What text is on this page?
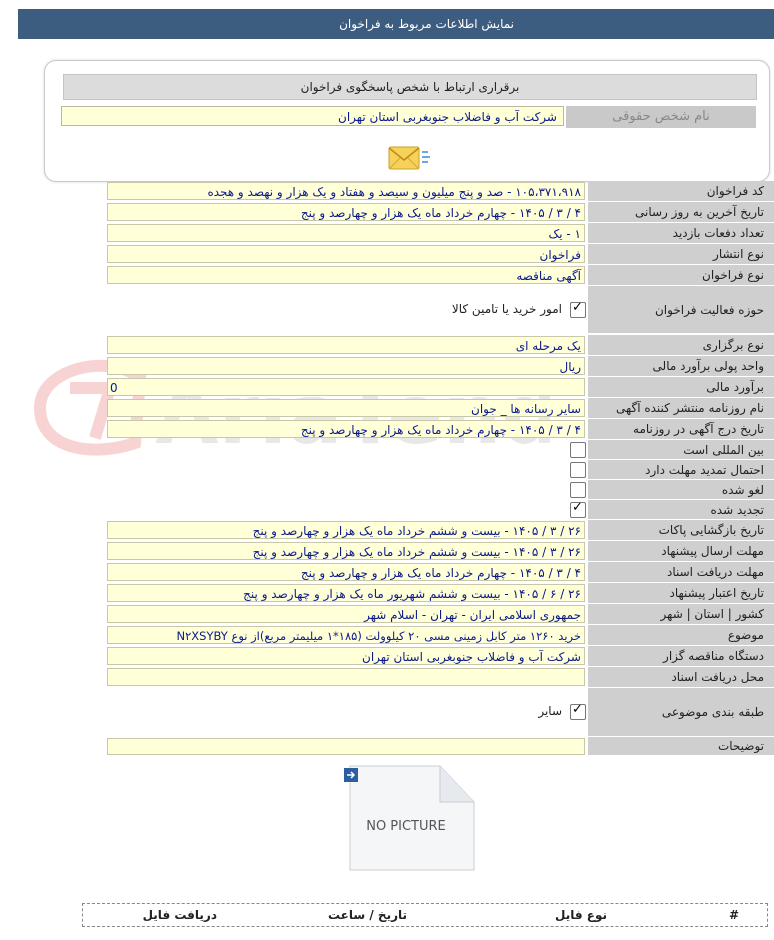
نمایش اطلاعات مربوط به فراخوان
برقراری ارتباط با شخص پاسخگوی فراخوان
نام شخص حقوقی
شرکت آب و فاضلاب جنوبغربی استان تهران
کد فراخوان
۱۰۵،۳۷۱،۹۱۸ - صد و پنج میلیون و سیصد و هفتاد و یک هزار و نهصد و هجده
تاریخ آخرین به روز رسانی
۴ / ۳ / ۱۴۰۵ - چهارم خرداد ماه یک هزار و چهارصد و پنج
تعداد دفعات بازدید
۱ - یک
نوع انتشار
فراخوان
نوع فراخوان
آگهی مناقصه
حوزه فعالیت فراخوان
✓
امور خرید یا تامین کالا
نوع برگزاری
یک مرحله ای
واحد پولی برآورد مالی
ریال
برآورد مالی
0
نام روزنامه منتشر کننده آگهی
سایر رسانه ها _ جوان
تاریخ درج آگهی در روزنامه
۴ / ۳ / ۱۴۰۵ - چهارم خرداد ماه یک هزار و چهارصد و پنج
بین المللی است
احتمال تمدید مهلت دارد
لغو شده
تجدید شده
✓
تاریخ بازگشایی پاکات
۲۶ / ۳ / ۱۴۰۵ - بیست و ششم خرداد ماه یک هزار و چهارصد و پنج
مهلت ارسال پیشنهاد
۲۶ / ۳ / ۱۴۰۵ - بیست و ششم خرداد ماه یک هزار و چهارصد و پنج
مهلت دریافت اسناد
۴ / ۳ / ۱۴۰۵ - چهارم خرداد ماه یک هزار و چهارصد و پنج
تاریخ اعتبار پیشنهاد
۲۶ / ۶ / ۱۴۰۵ - بیست و ششم شهریور ماه یک هزار و چهارصد و پنج
کشور | استان | شهر
جمهوری اسلامی ایران - تهران - اسلام شهر
موضوع
خرید ۱۲۶۰ متر کابل زمینی مسی ۲۰ کیلوولت (۱۸۵*۱ میلیمتر مربع)از نوع N۲XSYBY
دستگاه مناقصه گزار
شرکت آب و فاضلاب جنوبغربی استان تهران
محل دریافت اسناد
طبقه بندی موضوعی
✓
سایر
توضیحات
NO PICTURE
#
نوع فایل
تاریخ / ساعت
دریافت فایل
